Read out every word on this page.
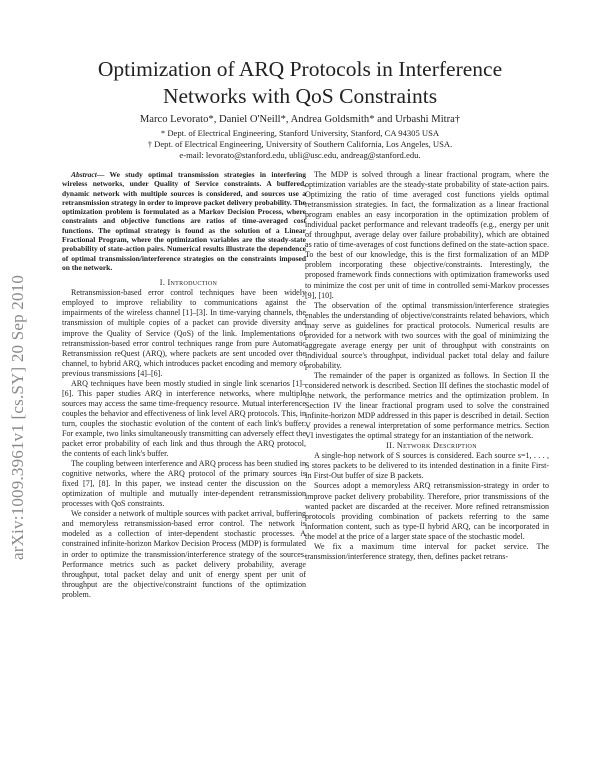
arXiv:1009.3961v1 [cs.SY] 20 Sep 2010
Optimization of ARQ Protocols in Interference Networks with QoS Constraints
Marco Levorato*, Daniel O'Neill*, Andrea Goldsmith* and Urbashi Mitra†
* Dept. of Electrical Engineering, Stanford University, Stanford, CA 94305 USA
† Dept. of Electrical Engineering, University of Southern California, Los Angeles, USA.
e-mail: levorato@stanford.edu, ubli@usc.edu, andreag@stanford.edu.

Abstract— We study optimal transmission strategies in interfering wireless networks, under Quality of Service constraints. A buffered, dynamic network with multiple sources is considered, and sources use a retransmission strategy in order to improve packet delivery probability. The optimization problem is formulated as a Markov Decision Process, where constraints and objective functions are ratios of time-averaged cost functions. The optimal strategy is found as the solution of a Linear Fractional Program, where the optimization variables are the steady-state probability of state-action pairs. Numerical results illustrate the dependence of optimal transmission/interference strategies on the constraints imposed on the network.

I. Introduction

Retransmission-based error control techniques have been widely employed to improve reliability to communications against the impairments of the wireless channel [1]–[3]. In time-varying channels, the transmission of multiple copies of a packet can provide diversity and improve the Quality of Service (QoS) of the link. Implementations of retransmission-based error control techniques range from pure Automatic Retransmission reQuest (ARQ), where packets are sent uncoded over the channel, to hybrid ARQ, which introduces packet encoding and memory of previous transmissions [4]–[6].

ARQ techniques have been mostly studied in single link scenarios [1]–[6]. This paper studies ARQ in interference networks, where multiple sources may access the same time-frequency resource. Mutual interference couples the behavior and effectiveness of link level ARQ protocols. This, in turn, couples the stochastic evolution of the content of each link's buffer. For example, two links simultaneously transmitting can adversely effect the packet error probability of each link and thus through the ARQ protocol, the contents of each link's buffer.

The coupling between interference and ARQ process has been studied in cognitive networks, where the ARQ protocol of the primary sources is fixed [7], [8]. In this paper, we instead center the discussion on the optimization of multiple and mutually inter-dependent retransmission processes with QoS constraints.

We consider a network of multiple sources with packet arrival, buffering and memoryless retransmission-based error control. The network is modeled as a collection of inter-dependent stochastic processes. A constrained infinite-horizon Markov Decision Process (MDP) is formulated in order to optimize the transmission/interference strategy of the sources. Performance metrics such as packet delivery probability, average throughput, total packet delay and unit of energy spent per unit of throughput are the objective/constraint functions of the optimization problem.

The MDP is solved through a linear fractional program, where the optimization variables are the steady-state probability of state-action pairs. Optimizing the ratio of time averaged cost functions yields optimal retransmission strategies. In fact, the formalization as a linear fractional program enables an easy incorporation in the optimization problem of individual packet performance and relevant tradeoffs (e.g., energy per unit of throughput, average delay over failure probability), which are obtained as ratio of time-averages of cost functions defined on the state-action space. To the best of our knowledge, this is the first formalization of an MDP problem incorporating these objective/constraints. Interestingly, the proposed framework finds connections with optimization frameworks used to minimize the cost per unit of time in controlled semi-Markov processes [9], [10].

The observation of the optimal transmission/interference strategies enables the understanding of objective/constraints related behaviors, which may serve as guidelines for practical protocols. Numerical results are provided for a network with two sources with the goal of minimizing the aggregate average energy per unit of throughput with constraints on individual source's throughput, individual packet total delay and failure probability.

The remainder of the paper is organized as follows. In Section II the considered network is described. Section III defines the stochastic model of the network, the performance metrics and the optimization problem. In Section IV the linear fractional program used to solve the constrained infinite-horizon MDP addressed in this paper is described in detail. Section V provides a renewal interpretation of some performance metrics. Section VI investigates the optimal strategy for an instantiation of the network.

II. Network Description

A single-hop network of S sources is considered. Each source s=1, . . . , S stores packets to be delivered to its intended destination in a finite First-In First-Out buffer of size B packets.

Sources adopt a memoryless ARQ retransmission-strategy in order to improve packet delivery probability. Therefore, prior transmissions of the wanted packet are discarded at the receiver. More refined retransmission protocols providing combination of packets referring to the same information content, such as type-II hybrid ARQ, can be incorporated in the model at the price of a larger state space of the stochastic model.

We fix a maximum time interval for packet service. The transmission/interference strategy, then, defines packet retrans-
